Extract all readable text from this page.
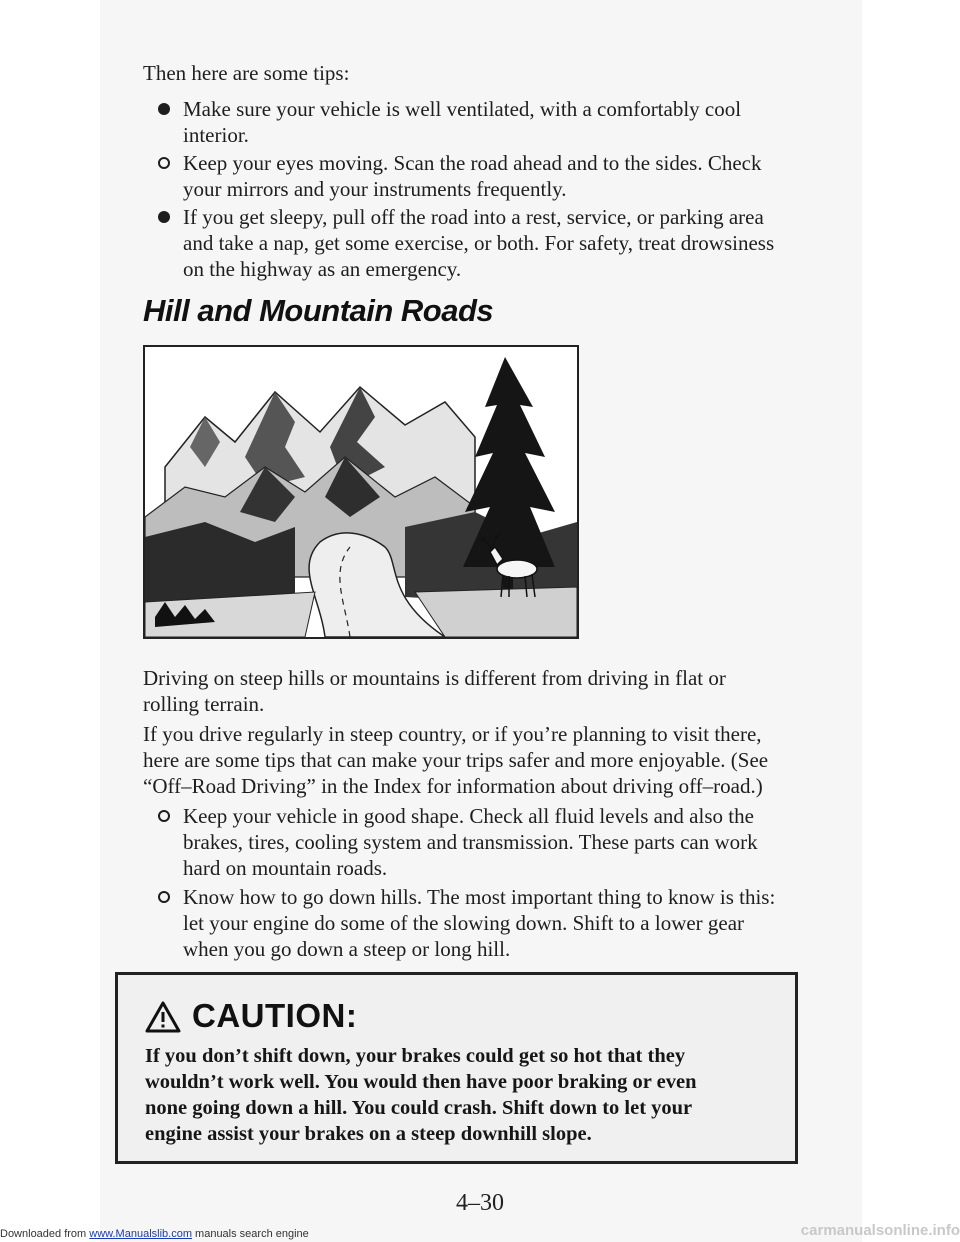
Then here are some tips:

Make sure your vehicle is well ventilated, with a comfortably cool
interior.
Keep your eyes moving. Scan the road ahead and to the sides. Check
your mirrors and your instruments frequently.
If you get sleepy, pull off the road into a rest, service, or parking area
and take a nap, get some exercise, or both. For safety, treat drowsiness
on the highway as an emergency.
Hill and Mountain Roads
Driving on steep hills or mountains is different from driving in flat or
rolling terrain.
If you drive regularly in steep country, or if you’re planning to visit there,
here are some tips that can make your trips safer and more enjoyable. (See
“Off–Road Driving” in the Index for information about driving off–road.)
Keep your vehicle in good shape. Check all fluid levels and also the
brakes, tires, cooling system and transmission. These parts can work
hard on mountain roads.
Know how to go down hills. The most important thing to know is this:
let your engine do some of the slowing down. Shift to a lower gear
when you go down a steep or long hill.
CAUTION:
If you don’t shift down, your brakes could get so hot that they
wouldn’t work well. You would then have poor braking or even
none going down a hill. You could crash. Shift down to let your
engine assist your brakes on a steep downhill slope.
4–30
Downloaded from www.Manualslib.com manuals search engine	carmanualsonline.info
